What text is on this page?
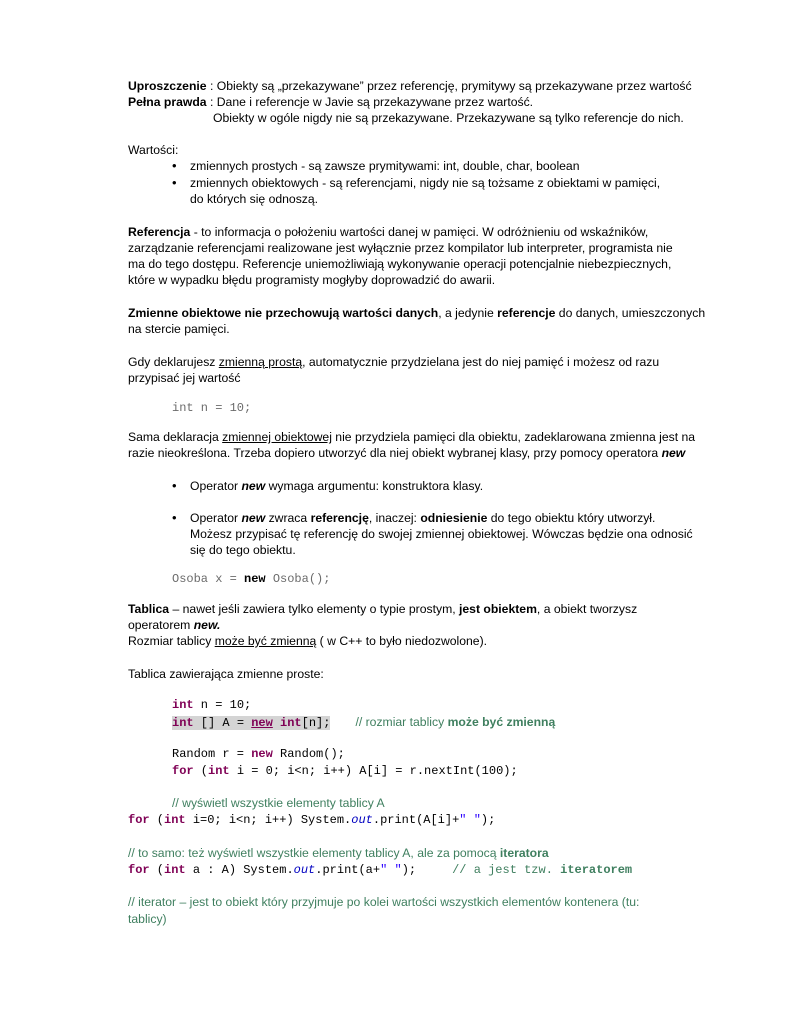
Uproszczenie : Obiekty są „przekazywane” przez referencję, prymitywy są przekazywane przez wartość
Pełna prawda : Dane i referencje w Javie są przekazywane przez wartość.
Obiekty w ogóle nigdy nie są przekazywane. Przekazywane są tylko referencje do nich.
Wartości:
• zmiennych prostych - są zawsze prymitywami: int, double, char, boolean
• zmiennych obiektowych - są referencjami, nigdy nie są tożsame z obiektami w pamięci,
do których się odnoszą.
Referencja - to informacja o położeniu wartości danej w pamięci. W odróżnieniu od wskaźników,
zarządzanie referencjami realizowane jest wyłącznie przez kompilator lub interpreter, programista nie
ma do tego dostępu. Referencje uniemożliwiają wykonywanie operacji potencjalnie niebezpiecznych,
które w wypadku błędu programisty mogłyby doprowadzić do awarii.
Zmienne obiektowe nie przechowują wartości danych, a jedynie referencje do danych, umieszczonych
na stercie pamięci.
Gdy deklarujesz zmienną prostą, automatycznie przydzielana jest do niej pamięć i możesz od razu
przypisać jej wartość
int n = 10;
Sama deklaracja zmiennej obiektowej nie przydziela pamięci dla obiektu, zadeklarowana zmienna jest na
razie nieokreślona. Trzeba dopiero utworzyć dla niej obiekt wybranej klasy, przy pomocy operatora new
• Operator new wymaga argumentu: konstruktora klasy.
• Operator new zwraca referencję, inaczej: odniesienie do tego obiektu który utworzył.
Możesz przypisać tę referencję do swojej zmiennej obiektowej. Wówczas będzie ona odnosić
się do tego obiektu.
Osoba x = new Osoba();
Tablica – nawet jeśli zawiera tylko elementy o typie prostym, jest obiektem, a obiekt tworzysz
operatorem new.
Rozmiar tablicy może być zmienną ( w C++ to było niedozwolone).
Tablica zawierająca zmienne proste:
int n = 10;
int [] A = new int[n]; // rozmiar tablicy może być zmienną
Random r = new Random();
for (int i = 0; i<n; i++) A[i] = r.nextInt(100);
// wyświetl wszystkie elementy tablicy A
for (int i=0; i<n; i++) System.out.print(A[i]+" ");
// to samo: też wyświetl wszystkie elementy tablicy A, ale za pomocą iteratora
for (int a : A) System.out.print(a+" ");	// a jest tzw. iteratorem
// iterator – jest to obiekt który przyjmuje po kolei wartości wszystkich elementów kontenera (tu:
tablicy)
